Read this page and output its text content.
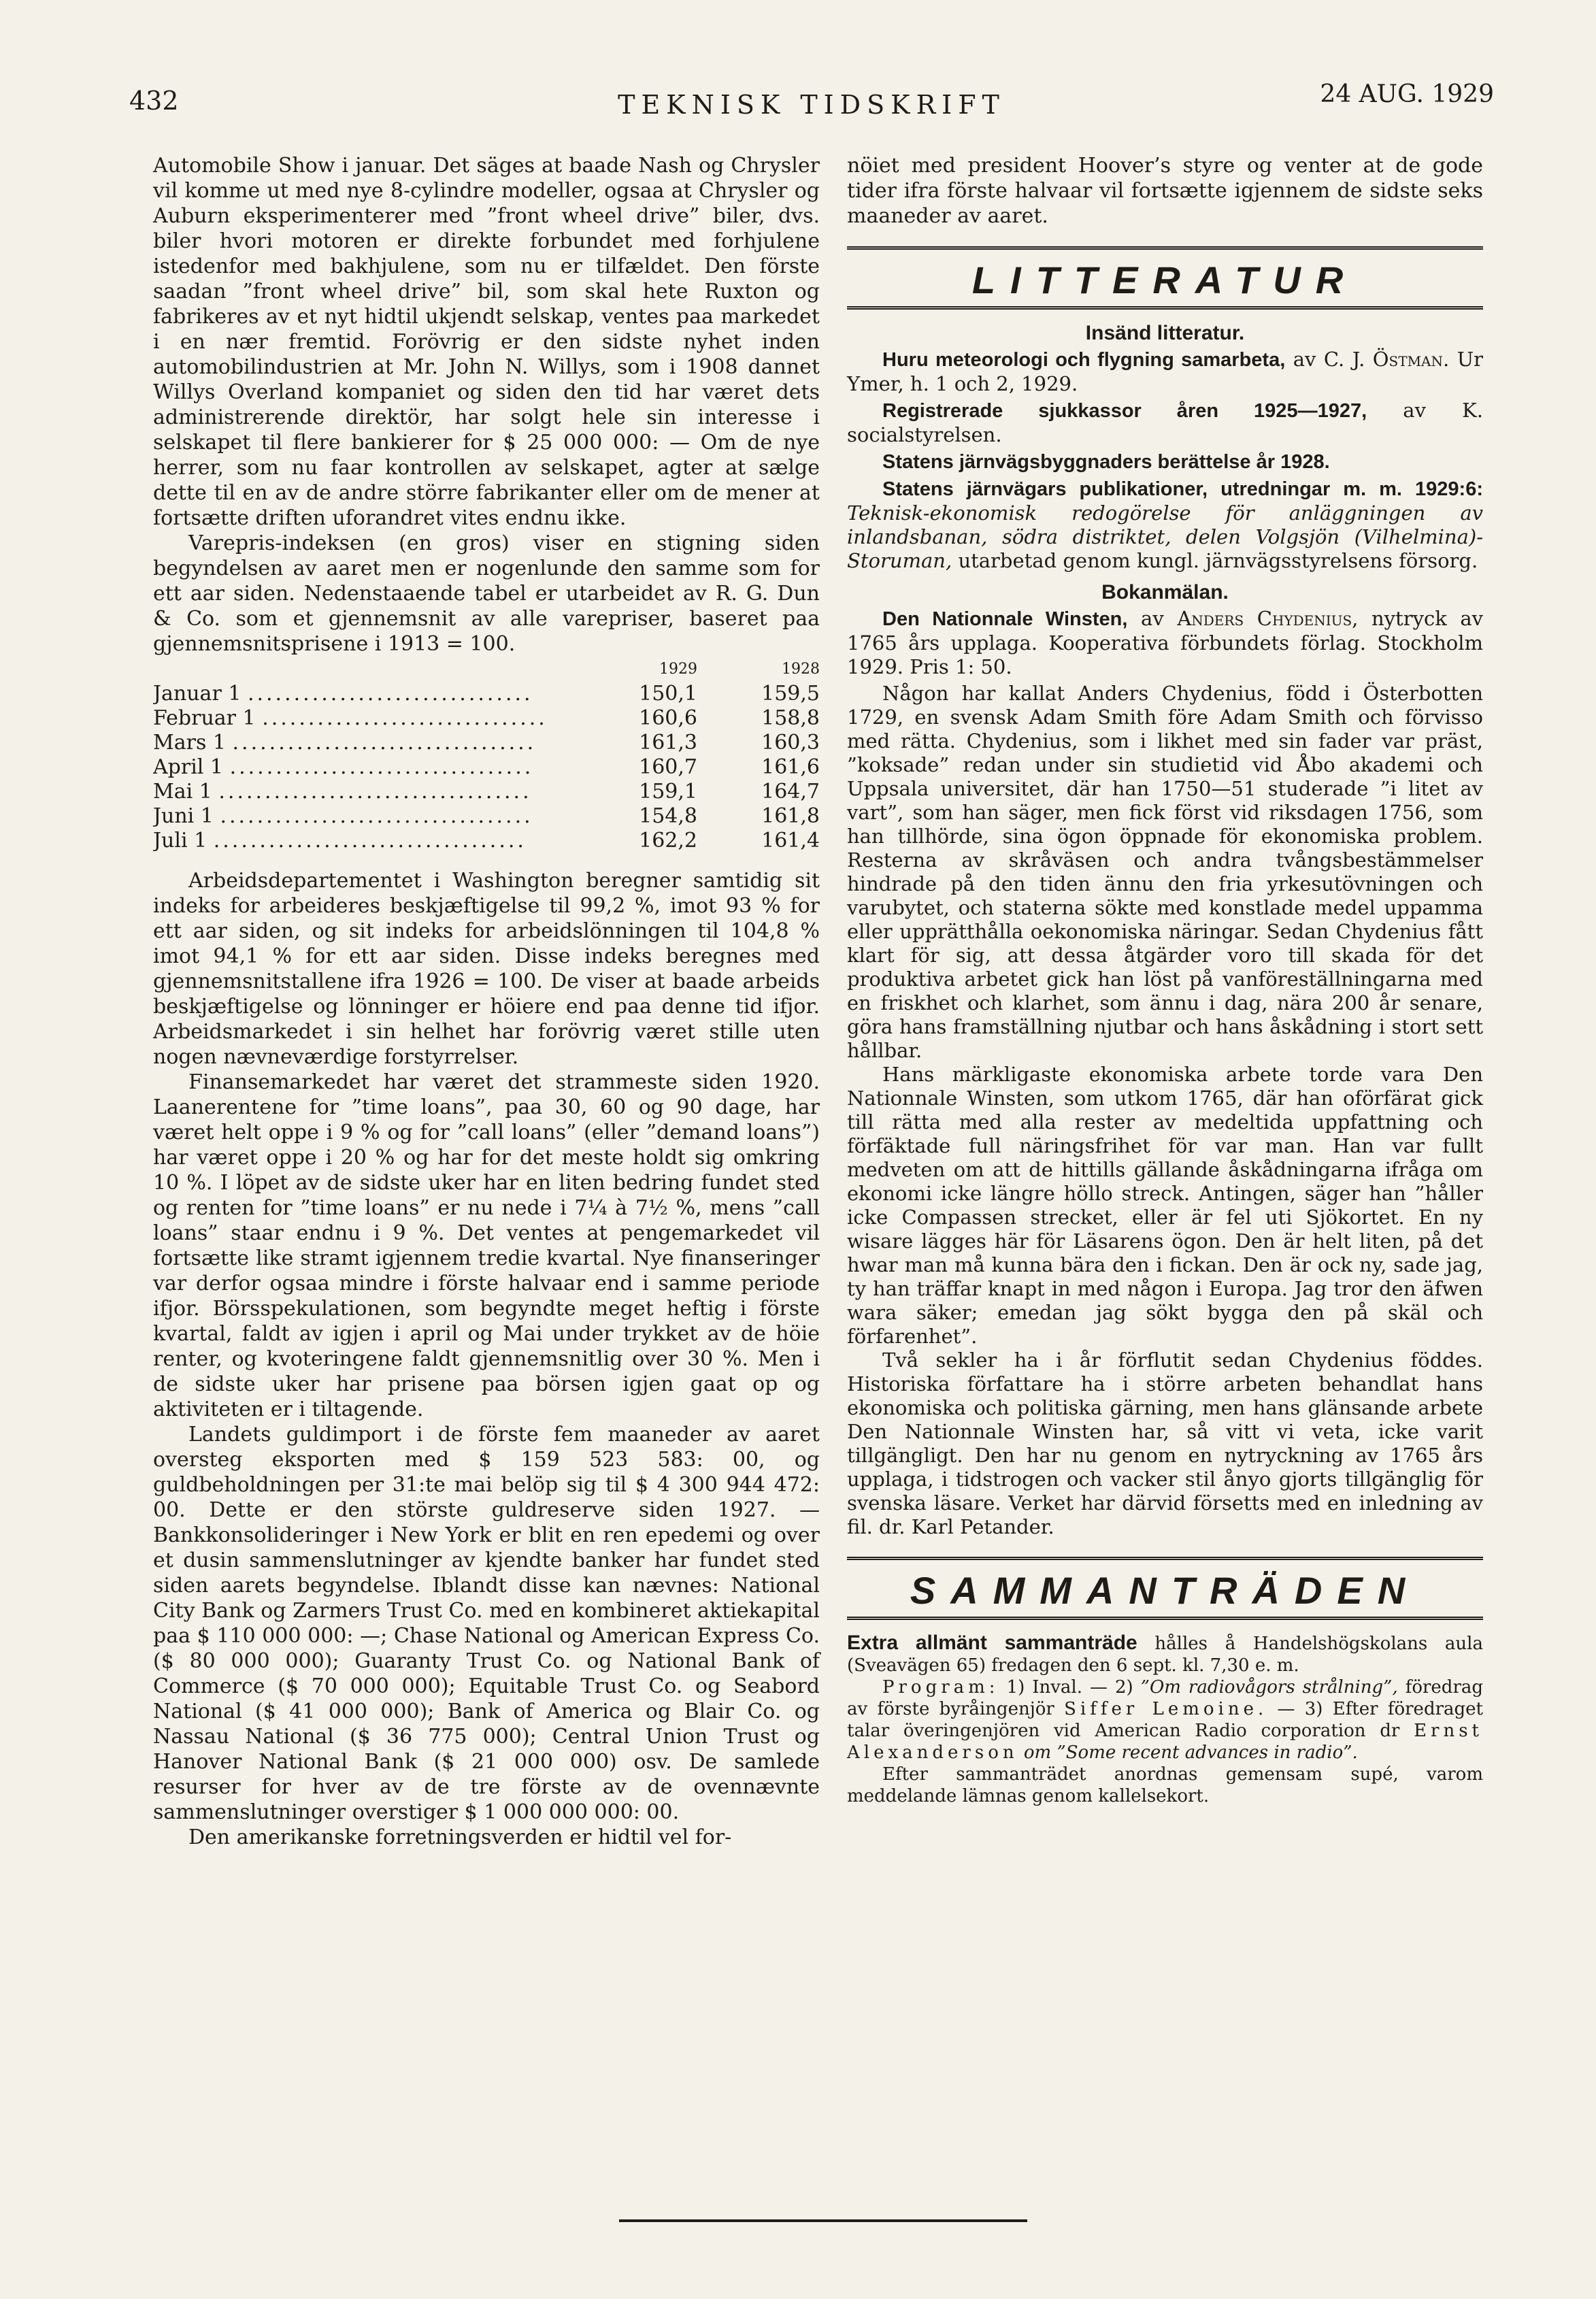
432	TEKNISK TIDSKRIFT	24 AUG. 1929

Automobile Show i januar. Det säges at baade Nash og Chrysler vil komme ut med nye 8-cylindre modeller, ogsaa at Chrysler og Auburn eksperimenterer med ”front wheel drive” biler, dvs. biler hvori motoren er direkte forbundet med forhjulene istedenfor med bakhjulene, som nu er tilfældet. Den förste saadan ”front wheel drive” bil, som skal hete Ruxton og fabrikeres av et nyt hidtil ukjendt selskap, ventes paa markedet i en nær fremtid. Forövrig er den sidste nyhet inden automobilindustrien at Mr. John N. Willys, som i 1908 dannet Willys Overland kompaniet og siden den tid har været dets administrerende direktör, har solgt hele sin interesse i selskapet til flere bankierer for $ 25 000 000: — Om de nye herrer, som nu faar kontrollen av selskapet, agter at sælge dette til en av de andre större fabrikanter eller om de mener at fortsætte driften uforandret vites endnu ikke.

Varepris-indeksen (en gros) viser en stigning siden begyndelsen av aaret men er nogenlunde den samme som for ett aar siden. Nedenstaaende tabel er utarbeidet av R. G. Dun & Co. som et gjennemsnit av alle varepriser, baseret paa gjennemsnitsprisene i 1913 = 100.

	1929	1928
Januar 1 ...............................	150,1	159,5
Februar 1 ...............................	160,6	158,8
Mars 1 .................................	161,3	160,3
April 1 .................................	160,7	161,6
Mai 1 ..................................	159,1	164,7
Juni 1 ..................................	154,8	161,8
Juli 1 ..................................	162,2	161,4

Arbeidsdepartementet i Washington beregner samtidig sit indeks for arbeideres beskjæftigelse til 99,2 %, imot 93 % for ett aar siden, og sit indeks for arbeidslönningen til 104,8 % imot 94,1 % for ett aar siden. Disse indeks beregnes med gjennemsnitstallene ifra 1926 = 100. De viser at baade arbeids beskjæftigelse og lönninger er höiere end paa denne tid ifjor. Arbeidsmarkedet i sin helhet har forövrig været stille uten nogen nævneværdige forstyrrelser.

Finansemarkedet har været det strammeste siden 1920. Laanerentene for ”time loans”, paa 30, 60 og 90 dage, har været helt oppe i 9 % og for ”call loans” (eller ”demand loans”) har været oppe i 20 % og har for det meste holdt sig omkring 10 %. I löpet av de sidste uker har en liten bedring fundet sted og renten for ”time loans” er nu nede i 7¼ à 7½ %, mens ”call loans” staar endnu i 9 %. Det ventes at pengemarkedet vil fortsætte like stramt igjennem tredie kvartal. Nye finanseringer var derfor ogsaa mindre i förste halvaar end i samme periode ifjor. Börsspekulationen, som begyndte meget heftig i förste kvartal, faldt av igjen i april og Mai under trykket av de höie renter, og kvoteringene faldt gjennemsnitlig over 30 %. Men i de sidste uker har prisene paa börsen igjen gaat op og aktiviteten er i tiltagende.

Landets guldimport i de förste fem maaneder av aaret oversteg eksporten med $ 159 523 583: 00, og guldbeholdningen per 31:te mai belöp sig til $ 4 300 944 472: 00. Dette er den störste guldreserve siden 1927. — Bankkonsolideringer i New York er blit en ren epedemi og over et dusin sammenslutninger av kjendte banker har fundet sted siden aarets begyndelse. Iblandt disse kan nævnes: National City Bank og Zarmers Trust Co. med en kombineret aktiekapital paa $ 110 000 000: —; Chase National og American Express Co. ($ 80 000 000); Guaranty Trust Co. og National Bank of Commerce ($ 70 000 000); Equitable Trust Co. og Seabord National ($ 41 000 000); Bank of America og Blair Co. og Nassau National ($ 36 775 000); Central Union Trust og Hanover National Bank ($ 21 000 000) osv. De samlede resurser for hver av de tre förste av de ovennævnte sammenslutninger overstiger $ 1 000 000 000: 00.

Den amerikanske forretningsverden er hidtil vel for-

nöiet med president Hoover’s styre og venter at de gode tider ifra förste halvaar vil fortsætte igjennem de sidste seks maaneder av aaret.

LITTERATUR
Insänd litteratur.

Huru meteorologi och flygning samarbeta, av C. J. Östman. Ur Ymer, h. 1 och 2, 1929.

Registrerade sjukkassor åren 1925—1927, av K. socialstyrelsen.

Statens järnvägsbyggnaders berättelse år 1928.

Statens järnvägars publikationer, utredningar m. m. 1929:6: Teknisk-ekonomisk redogörelse för anläggningen av inlandsbanan, södra distriktet, delen Volgsjön (Vilhelmina)-Storuman, utarbetad genom kungl. järnvägsstyrelsens försorg.

Bokanmälan.

Den Nationnale Winsten, av Anders Chydenius, nytryck av 1765 års upplaga. Kooperativa förbundets förlag. Stockholm 1929. Pris 1: 50.

Någon har kallat Anders Chydenius, född i Österbotten 1729, en svensk Adam Smith före Adam Smith och förvisso med rätta. Chydenius, som i likhet med sin fader var präst, ”koksade” redan under sin studietid vid Åbo akademi och Uppsala universitet, där han 1750—51 studerade ”i litet av vart”, som han säger, men fick först vid riksdagen 1756, som han tillhörde, sina ögon öppnade för ekonomiska problem. Resterna av skråväsen och andra tvångsbestämmelser hindrade på den tiden ännu den fria yrkesutövningen och varubytet, och staterna sökte med konstlade medel uppamma eller upprätthålla oekonomiska näringar. Sedan Chydenius fått klart för sig, att dessa åtgärder voro till skada för det produktiva arbetet gick han löst på vanföreställningarna med en friskhet och klarhet, som ännu i dag, nära 200 år senare, göra hans framställning njutbar och hans åskådning i stort sett hållbar.

Hans märkligaste ekonomiska arbete torde vara Den Nationnale Winsten, som utkom 1765, där han oförfärat gick till rätta med alla rester av medeltida uppfattning och förfäktade full näringsfrihet för var man. Han var fullt medveten om att de hittills gällande åskådningarna ifråga om ekonomi icke längre höllo streck. Antingen, säger han ”håller icke Compassen strecket, eller är fel uti Sjökortet. En ny wisare lägges här för Läsarens ögon. Den är helt liten, på det hwar man må kunna bära den i fickan. Den är ock ny, sade jag, ty han träffar knapt in med någon i Europa. Jag tror den äfwen wara säker; emedan jag sökt bygga den på skäl och förfarenhet”.

Två sekler ha i år förflutit sedan Chydenius föddes. Historiska författare ha i större arbeten behandlat hans ekonomiska och politiska gärning, men hans glänsande arbete Den Nationnale Winsten har, så vitt vi veta, icke varit tillgängligt. Den har nu genom en nytryckning av 1765 års upplaga, i tidstrogen och vacker stil ånyo gjorts tillgänglig för svenska läsare. Verket har därvid försetts med en inledning av fil. dr. Karl Petander.

SAMMANTRÄDEN

Extra allmänt sammanträde hålles å Handelshögskolans aula (Sveavägen 65) fredagen den 6 sept. kl. 7,30 e. m.

Program: 1) Inval. — 2) ”Om radiovågors strålning”, föredrag av förste byråingenjör Siffer Lemoine. — 3) Efter föredraget talar överingenjören vid American Radio corporation dr Ernst Alexanderson om ”Some recent advances in radio”.

Efter sammanträdet anordnas gemensam supé, varom meddelande lämnas genom kallelsekort.
